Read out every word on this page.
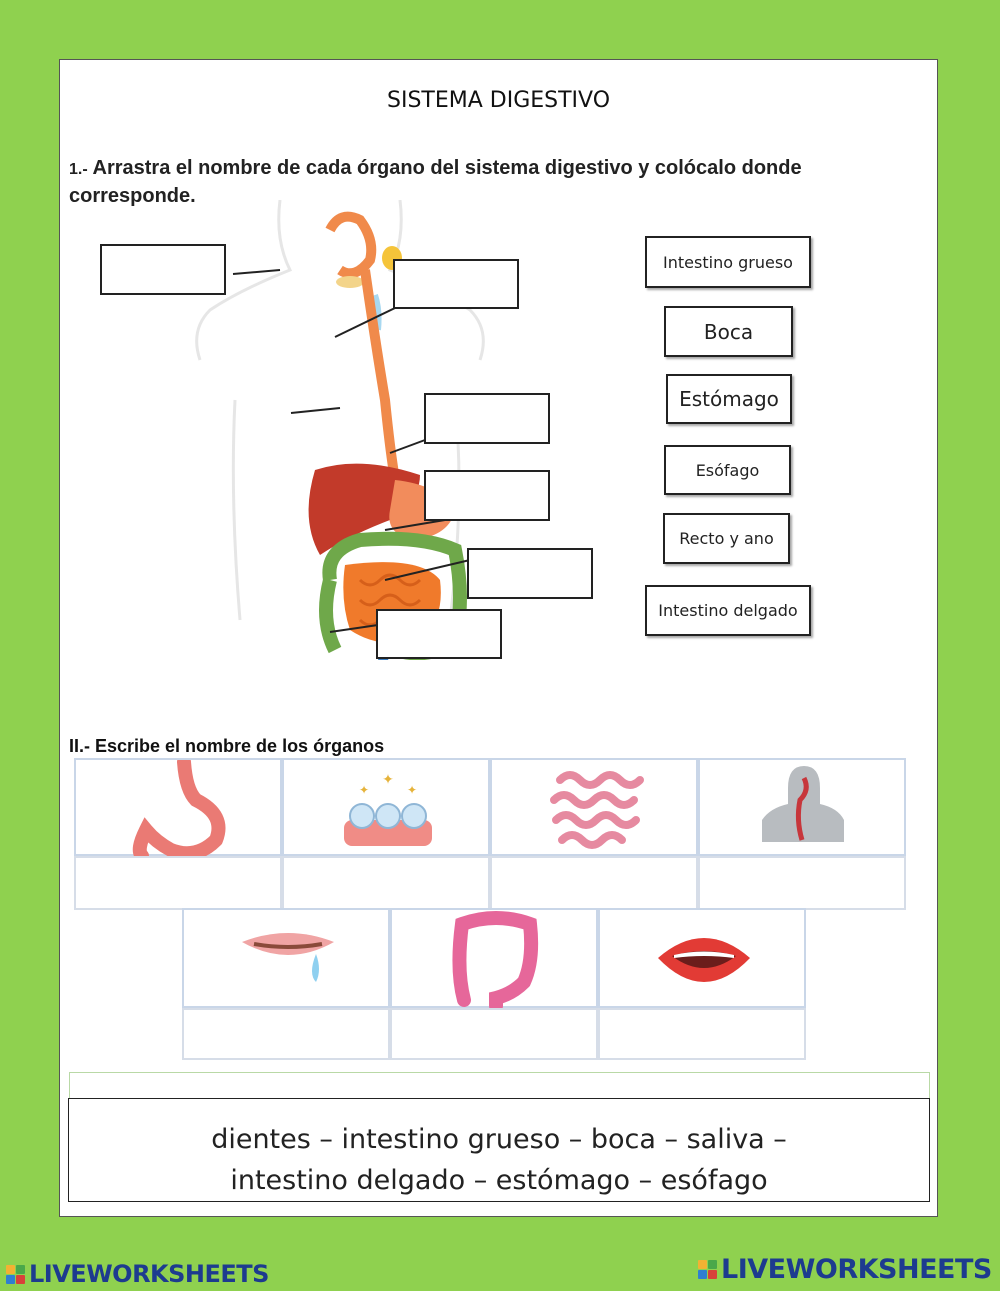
SISTEMA DIGESTIVO
1.- Arrastra el nombre de cada órgano del sistema digestivo y colócalo donde corresponde.
Intestino grueso
Boca
Estómago
Esófago
Recto y ano
Intestino delgado
II.- Escribe el nombre de los órganos
✦
✦	✦
dientes – intestino grueso – boca – saliva –
intestino delgado – estómago – esófago
LIVEWORKSHEETS	LIVEWORKSHEETS
